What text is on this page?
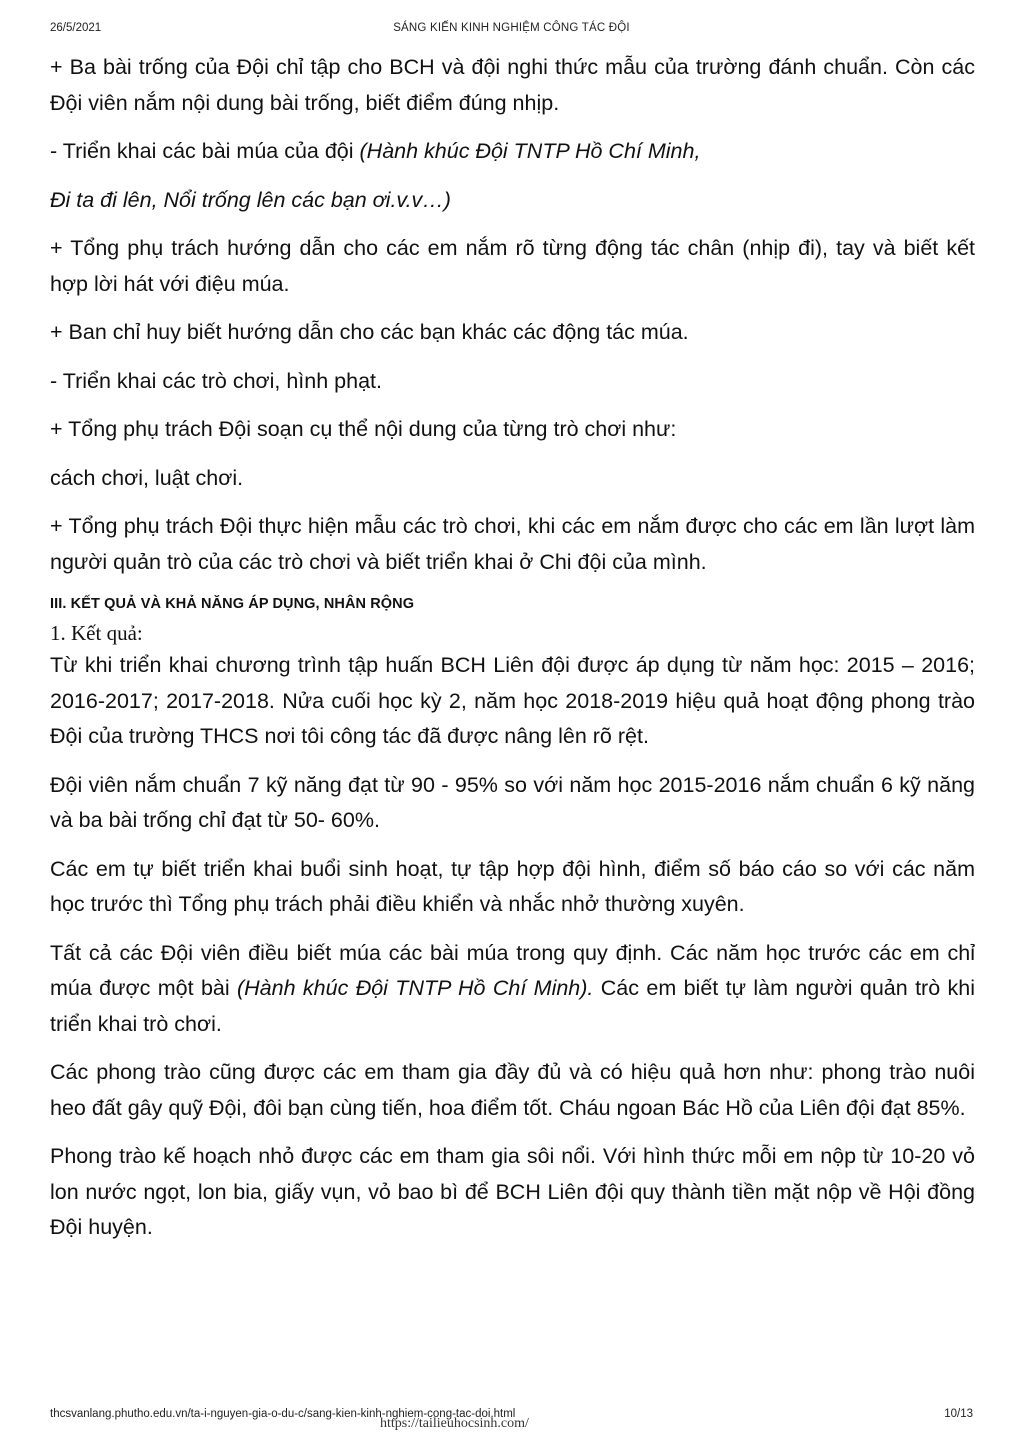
26/5/2021	SÁNG KIẾN KINH NGHIỆM CÔNG TÁC ĐỘI

+ Ba bài trống của Đội chỉ tập cho BCH và đội nghi thức mẫu của trường đánh chuẩn. Còn các Đội viên nắm nội dung bài trống, biết điểm đúng nhịp.

- Triển khai các bài múa của đội (Hành khúc Đội TNTP Hồ Chí Minh,

Đi ta đi lên, Nổi trống lên các bạn ơi.v.v…)

+ Tổng phụ trách hướng dẫn cho các em nắm rõ từng động tác chân (nhịp đi), tay và biết kết hợp lời hát với điệu múa.

+ Ban chỉ huy biết hướng dẫn cho các bạn khác các động tác múa.

- Triển khai các trò chơi, hình phạt.

+ Tổng phụ trách Đội soạn cụ thể nội dung của từng trò chơi như:

cách chơi, luật chơi.

+ Tổng phụ trách Đội thực hiện mẫu các trò chơi, khi các em nắm được cho các em lần lượt làm người quản trò của các trò chơi và biết triển khai ở Chi đội của mình.

III. KẾT QUẢ VÀ KHẢ NĂNG ÁP DỤNG, NHÂN RỘNG
1. Kết quả:

Từ khi triển khai chương trình tập huấn BCH Liên đội được áp dụng từ năm học: 2015 – 2016; 2016-2017; 2017-2018. Nửa cuối học kỳ 2, năm học 2018-2019 hiệu quả hoạt động phong trào Đội của trường THCS nơi tôi công tác đã được nâng lên rõ rệt.

Đội viên nắm chuẩn 7 kỹ năng đạt từ 90 - 95% so với năm học 2015-2016 nắm chuẩn 6 kỹ năng và ba bài trống chỉ đạt từ 50- 60%.

Các em tự biết triển khai buổi sinh hoạt, tự tập hợp đội hình, điểm số báo cáo so với các năm học trước thì Tổng phụ trách phải điều khiển và nhắc nhở thường xuyên.

Tất cả các Đội viên điều biết múa các bài múa trong quy định. Các năm học trước các em chỉ múa được một bài (Hành khúc Đội TNTP Hồ Chí Minh). Các em biết tự làm người quản trò khi triển khai trò chơi.

Các phong trào cũng được các em tham gia đầy đủ và có hiệu quả hơn như: phong trào nuôi heo đất gây quỹ Đội, đôi bạn cùng tiến, hoa điểm tốt. Cháu ngoan Bác Hồ của Liên đội đạt 85%.

Phong trào kế hoạch nhỏ được các em tham gia sôi nổi. Với hình thức mỗi em nộp từ 10-20 vỏ lon nước ngọt, lon bia, giấy vụn, vỏ bao bì để BCH Liên đội quy thành tiền mặt nộp về Hội đồng Đội huyện.

thcsvanlang.phutho.edu.vn/ta-i-nguyen-gia-o-du-c/sang-kien-kinh-nghiem-cong-tac-doi.html	10/13
https://tailieuhocsinh.com/
